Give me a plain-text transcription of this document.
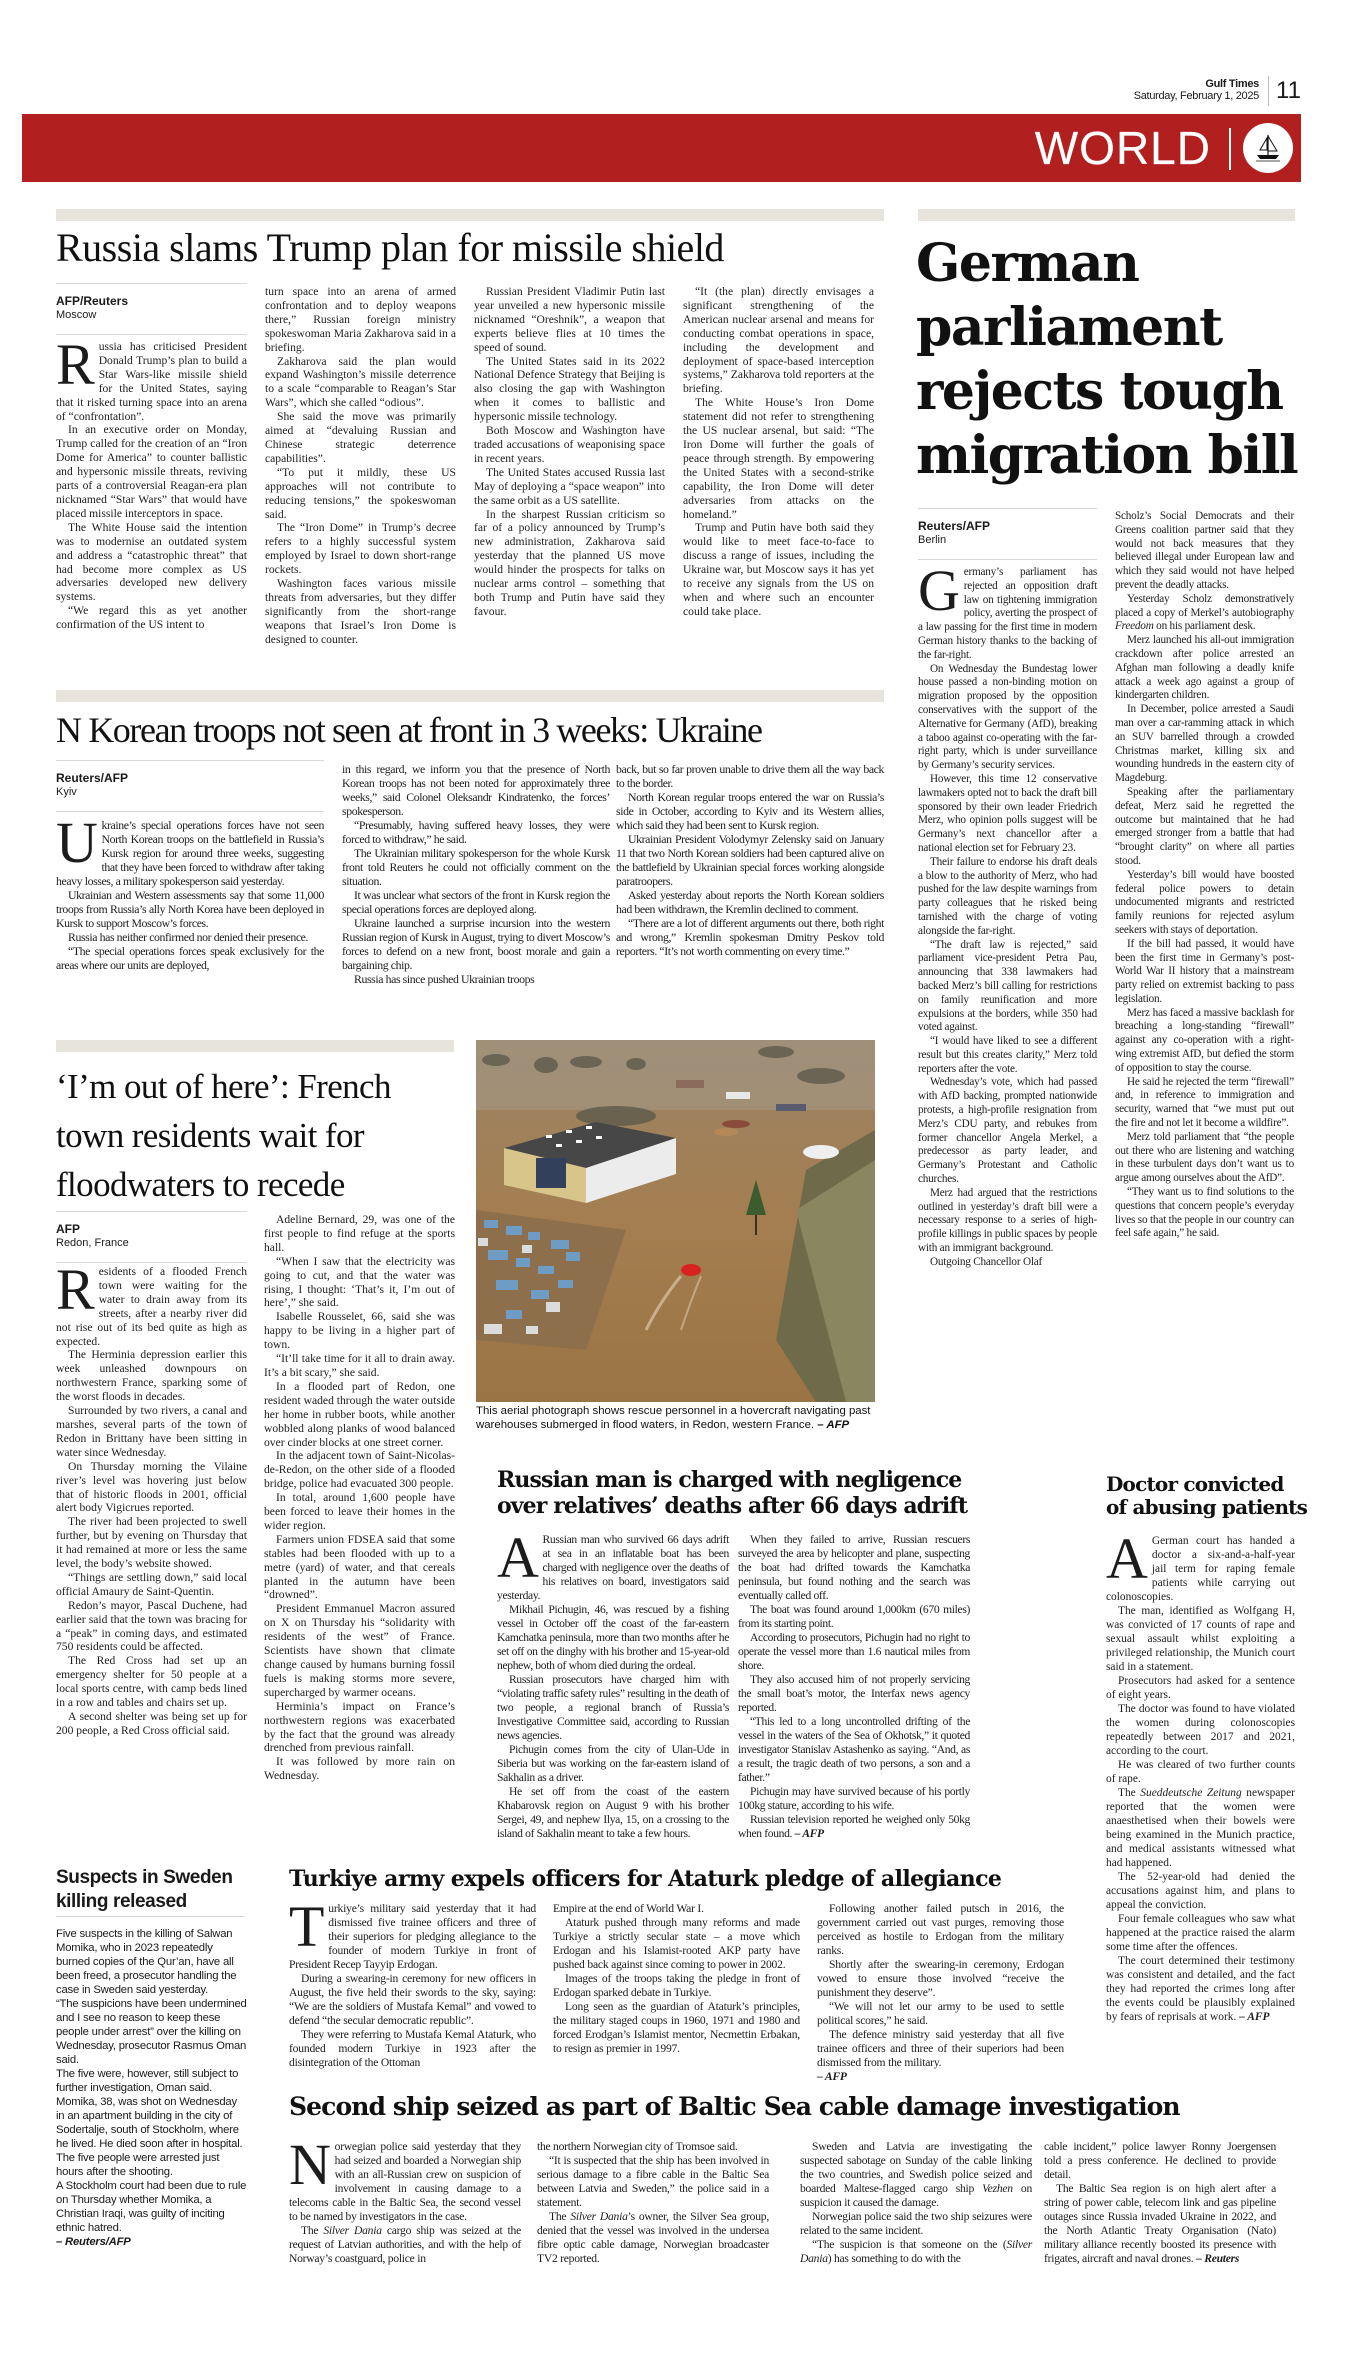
Gulf Times
Saturday, February 1, 2025 11
WORLD
Russia slams Trump plan for missile shield
AFP/Reuters
Moscow

Russia has criticised President Donald Trump’s plan to build a Star Wars-like missile shield for the United States, saying that it risked turning space into an arena of “confrontation”.

In an executive order on Monday, Trump called for the creation of an “Iron Dome for America” to counter ballistic and hypersonic missile threats, reviving parts of a controversial Reagan-era plan nicknamed “Star Wars” that would have placed missile interceptors in space.

The White House said the intention was to modernise an outdated system and address a “catastrophic threat” that had become more complex as US adversaries developed new delivery systems.

“We regard this as yet another confirmation of the US intent to

turn space into an arena of armed confrontation and to deploy weapons there,” Russian foreign ministry spokeswoman Maria Zakharova said in a briefing.

Zakharova said the plan would expand Washington’s missile deterrence to a scale “comparable to Reagan’s Star Wars”, which she called “odious”.

She said the move was primarily aimed at “devaluing Russian and Chinese strategic deterrence capabilities”.

“To put it mildly, these US approaches will not contribute to reducing tensions,” the spokeswoman said.

The “Iron Dome” in Trump’s decree refers to a highly successful system employed by Israel to down short-range rockets.

Washington faces various missile threats from adversaries, but they differ significantly from the short-range weapons that Israel’s Iron Dome is designed to counter.

Russian President Vladimir Putin last year unveiled a new hypersonic missile nicknamed “Oreshnik”, a weapon that experts believe flies at 10 times the speed of sound.

The United States said in its 2022 National Defence Strategy that Beijing is also closing the gap with Washington when it comes to ballistic and hypersonic missile technology.

Both Moscow and Washington have traded accusations of weaponising space in recent years.

The United States accused Russia last May of deploying a “space weapon” into the same orbit as a US satellite.

In the sharpest Russian criticism so far of a policy announced by Trump’s new administration, Zakharova said yesterday that the planned US move would hinder the prospects for talks on nuclear arms control – something that both Trump and Putin have said they favour.

“It (the plan) directly envisages a significant strengthening of the American nuclear arsenal and means for conducting combat operations in space, including the development and deployment of space-based interception systems,” Zakharova told reporters at the briefing.

The White House’s Iron Dome statement did not refer to strengthening the US nuclear arsenal, but said: “The Iron Dome will further the goals of peace through strength. By empowering the United States with a second-strike capability, the Iron Dome will deter adversaries from attacks on the homeland.”

Trump and Putin have both said they would like to meet face-to-face to discuss a range of issues, including the Ukraine war, but Moscow says it has yet to receive any signals from the US on when and where such an encounter could take place.

German
parliament
rejects tough
migration bill
Reuters/AFP
Berlin

Germany’s parliament has rejected an opposition draft law on tightening immigration policy, averting the prospect of a law passing for the first time in modern German history thanks to the backing of the far-right.

On Wednesday the Bundestag lower house passed a non-binding motion on migration proposed by the opposition conservatives with the support of the Alternative for Germany (AfD), breaking a taboo against co-operating with the far-right party, which is under surveillance by Germany’s security services.

However, this time 12 conservative lawmakers opted not to back the draft bill sponsored by their own leader Friedrich Merz, who opinion polls suggest will be Germany’s next chancellor after a national election set for February 23.

Their failure to endorse his draft deals a blow to the authority of Merz, who had pushed for the law despite warnings from party colleagues that he risked being tarnished with the charge of voting alongside the far-right.

“The draft law is rejected,” said parliament vice-president Petra Pau, announcing that 338 lawmakers had backed Merz’s bill calling for restrictions on family reunification and more expulsions at the borders, while 350 had voted against.

“I would have liked to see a different result but this creates clarity,” Merz told reporters after the vote.

Wednesday’s vote, which had passed with AfD backing, prompted nationwide protests, a high-profile resignation from Merz’s CDU party, and rebukes from former chancellor Angela Merkel, a predecessor as party leader, and Germany’s Protestant and Catholic churches.

Merz had argued that the restrictions outlined in yesterday’s draft bill were a necessary response to a series of high-profile killings in public spaces by people with an immigrant background.

Outgoing Chancellor Olaf

Scholz’s Social Democrats and their Greens coalition partner said that they would not back measures that they believed illegal under European law and which they said would not have helped prevent the deadly attacks.

Yesterday Scholz demonstratively placed a copy of Merkel’s autobiography Freedom on his parliament desk.

Merz launched his all-out immigration crackdown after police arrested an Afghan man following a deadly knife attack a week ago against a group of kindergarten children.

In December, police arrested a Saudi man over a car-ramming attack in which an SUV barrelled through a crowded Christmas market, killing six and wounding hundreds in the eastern city of Magdeburg.

Speaking after the parliamentary defeat, Merz said he regretted the outcome but maintained that he had emerged stronger from a battle that had “brought clarity” on where all parties stood.

Yesterday’s bill would have boosted federal police powers to detain undocumented migrants and restricted family reunions for rejected asylum seekers with stays of deportation.

If the bill had passed, it would have been the first time in Germany’s post-World War II history that a mainstream party relied on extremist backing to pass legislation.

Merz has faced a massive backlash for breaching a long-standing “firewall” against any co-operation with a right-wing extremist AfD, but defied the storm of opposition to stay the course.

He said he rejected the term “firewall” and, in reference to immigration and security, warned that “we must put out the fire and not let it become a wildfire”.

Merz told parliament that “the people out there who are listening and watching in these turbulent days don’t want us to argue among ourselves about the AfD”.

“They want us to find solutions to the questions that concern people’s everyday lives so that the people in our country can feel safe again,” he said.

N Korean troops not seen at front in 3 weeks: Ukraine
Reuters/AFP
Kyiv

Ukraine’s special operations forces have not seen North Korean troops on the battlefield in Russia’s Kursk region for around three weeks, suggesting that they have been forced to withdraw after taking heavy losses, a military spokesperson said yesterday.

Ukrainian and Western assessments say that some 11,000 troops from Russia’s ally North Korea have been deployed in Kursk to support Moscow’s forces.

Russia has neither confirmed nor denied their presence.

“The special operations forces speak exclusively for the areas where our units are deployed,

in this regard, we inform you that the presence of North Korean troops has not been noted for approximately three weeks,” said Colonel Oleksandr Kindratenko, the forces’ spokesperson.

“Presumably, having suffered heavy losses, they were forced to withdraw,” he said.

The Ukrainian military spokesperson for the whole Kursk front told Reuters he could not officially comment on the situation.

It was unclear what sectors of the front in Kursk region the special operations forces are deployed along.

Ukraine launched a surprise incursion into the western Russian region of Kursk in August, trying to divert Moscow’s forces to defend on a new front, boost morale and gain a bargaining chip.

Russia has since pushed Ukrainian troops

back, but so far proven unable to drive them all the way back to the border.

North Korean regular troops entered the war on Russia’s side in October, according to Kyiv and its Western allies, which said they had been sent to Kursk region.

Ukrainian President Volodymyr Zelensky said on January 11 that two North Korean soldiers had been captured alive on the battlefield by Ukrainian special forces working alongside paratroopers.

Asked yesterday about reports the North Korean soldiers had been withdrawn, the Kremlin declined to comment.

“There are a lot of different arguments out there, both right and wrong,” Kremlin spokesman Dmitry Peskov told reporters. “It’s not worth commenting on every time.”

‘I’m out of here’: French
town residents wait for
floodwaters to recede
AFP
Redon, France

Residents of a flooded French town were waiting for the water to drain away from its streets, after a nearby river did not rise out of its bed quite as high as expected.

The Herminia depression earlier this week unleashed downpours on northwestern France, sparking some of the worst floods in decades.

Surrounded by two rivers, a canal and marshes, several parts of the town of Redon in Brittany have been sitting in water since Wednesday.

On Thursday morning the Vilaine river’s level was hovering just below that of historic floods in 2001, official alert body Vigicrues reported.

The river had been projected to swell further, but by evening on Thursday that it had remained at more or less the same level, the body’s website showed.

“Things are settling down,” said local official Amaury de Saint-Quentin.

Redon’s mayor, Pascal Duchene, had earlier said that the town was bracing for a “peak” in coming days, and estimated 750 residents could be affected.

The Red Cross had set up an emergency shelter for 50 people at a local sports centre, with camp beds lined in a row and tables and chairs set up.

A second shelter was being set up for 200 people, a Red Cross official said.

Adeline Bernard, 29, was one of the first people to find refuge at the sports hall.

“When I saw that the electricity was going to cut, and that the water was rising, I thought: ‘That’s it, I’m out of here’,” she said.

Isabelle Rousselet, 66, said she was happy to be living in a higher part of town.

“It’ll take time for it all to drain away. It’s a bit scary,” she said.

In a flooded part of Redon, one resident waded through the water outside her home in rubber boots, while another wobbled along planks of wood balanced over cinder blocks at one street corner.

In the adjacent town of Saint-Nicolas-de-Redon, on the other side of a flooded bridge, police had evacuated 300 people.

In total, around 1,600 people have been forced to leave their homes in the wider region.

Farmers union FDSEA said that some stables had been flooded with up to a metre (yard) of water, and that cereals planted in the autumn have been “drowned”.

President Emmanuel Macron assured on X on Thursday his “solidarity with residents of the west” of France. Scientists have shown that climate change caused by humans burning fossil fuels is making storms more severe, supercharged by warmer oceans.

Herminia’s impact on France’s northwestern regions was exacerbated by the fact that the ground was already drenched from previous rainfall.

It was followed by more rain on Wednesday.

This aerial photograph shows rescue personnel in a hovercraft navigating past warehouses submerged in flood waters, in Redon, western France. – AFP
Russian man is charged with negligence
over relatives’ deaths after 66 days adrift

A Russian man who survived 66 days adrift at sea in an inflatable boat has been charged with negligence over the deaths of his relatives on board, investigators said yesterday.

Mikhail Pichugin, 46, was rescued by a fishing vessel in October off the coast of the far-eastern Kamchatka peninsula, more than two months after he set off on the dinghy with his brother and 15-year-old nephew, both of whom died during the ordeal.

Russian prosecutors have charged him with “violating traffic safety rules” resulting in the death of two people, a regional branch of Russia’s Investigative Committee said, according to Russian news agencies.

Pichugin comes from the city of Ulan-Ude in Siberia but was working on the far-eastern island of Sakhalin as a driver.

He set off from the coast of the eastern Khabarovsk region on August 9 with his brother Sergei, 49, and nephew Ilya, 15, on a crossing to the island of Sakhalin meant to take a few hours.

When they failed to arrive, Russian rescuers surveyed the area by helicopter and plane, suspecting the boat had drifted towards the Kamchatka peninsula, but found nothing and the search was eventually called off.

The boat was found around 1,000km (670 miles) from its starting point.

According to prosecutors, Pichugin had no right to operate the vessel more than 1.6 nautical miles from shore.

They also accused him of not properly servicing the small boat’s motor, the Interfax news agency reported.

“This led to a long uncontrolled drifting of the vessel in the waters of the Sea of Okhotsk,” it quoted investigator Stanislav Astashenko as saying. “And, as a result, the tragic death of two persons, a son and a father.”

Pichugin may have survived because of his portly 100kg stature, according to his wife.

Russian television reported he weighed only 50kg when found. – AFP

Doctor convicted
of abusing patients

A German court has handed a doctor a six-and-a-half-year jail term for raping female patients while carrying out colonoscopies.

The man, identified as Wolfgang H, was convicted of 17 counts of rape and sexual assault whilst exploiting a privileged relationship, the Munich court said in a statement.

Prosecutors had asked for a sentence of eight years.

The doctor was found to have violated the women during colonoscopies repeatedly between 2017 and 2021, according to the court.

He was cleared of two further counts of rape.

The Sueddeutsche Zeitung newspaper reported that the women were anaesthetised when their bowels were being examined in the Munich practice, and medical assistants witnessed what had happened.

The 52-year-old had denied the accusations against him, and plans to appeal the conviction.

Four female colleagues who saw what happened at the practice raised the alarm some time after the offences.

The court determined their testimony was consistent and detailed, and the fact they had reported the crimes long after the events could be plausibly explained by fears of reprisals at work. – AFP

Suspects in Sweden
killing released
Five suspects in the killing of Salwan Momika, who in 2023 repeatedly burned copies of the Qur’an, have all been freed, a prosecutor handling the case in Sweden said yesterday.
“The suspicions have been undermined and I see no reason to keep these people under arrest” over the killing on Wednesday, prosecutor Rasmus Oman said.
The five were, however, still subject to further investigation, Oman said.
Momika, 38, was shot on Wednesday in an apartment building in the city of Sodertalje, south of Stockholm, where he lived. He died soon after in hospital.
The five people were arrested just hours after the shooting.
A Stockholm court had been due to rule on Thursday whether Momika, a Christian Iraqi, was guilty of inciting ethnic hatred.
– Reuters/AFP
Turkiye army expels officers for Ataturk pledge of allegiance

Turkiye’s military said yesterday that it had dismissed five trainee officers and three of their superiors for pledging allegiance to the founder of modern Turkiye in front of President Recep Tayyip Erdogan.

During a swearing-in ceremony for new officers in August, the five held their swords to the sky, saying: “We are the soldiers of Mustafa Kemal” and vowed to defend “the secular democratic republic”.

They were referring to Mustafa Kemal Ataturk, who founded modern Turkiye in 1923 after the disintegration of the Ottoman

Empire at the end of World War I.

Ataturk pushed through many reforms and made Turkiye a strictly secular state – a move which Erdogan and his Islamist-rooted AKP party have pushed back against since coming to power in 2002.

Images of the troops taking the pledge in front of Erdogan sparked debate in Turkiye.

Long seen as the guardian of Ataturk’s principles, the military staged coups in 1960, 1971 and 1980 and forced Erodgan’s Islamist mentor, Necmettin Erbakan, to resign as premier in 1997.

Following another failed putsch in 2016, the government carried out vast purges, removing those perceived as hostile to Erdogan from the military ranks.

Shortly after the swearing-in ceremony, Erdogan vowed to ensure those involved “receive the punishment they deserve”.

“We will not let our army to be used to settle political scores,” he said.

The defence ministry said yesterday that all five trainee officers and three of their superiors had been dismissed from the military.

– AFP

Second ship seized as part of Baltic Sea cable damage investigation

Norwegian police said yesterday that they had seized and boarded a Norwegian ship with an all-Russian crew on suspicion of involvement in causing damage to a telecoms cable in the Baltic Sea, the second vessel to be named by investigators in the case.

The Silver Dania cargo ship was seized at the request of Latvian authorities, and with the help of Norway’s coastguard, police in

the northern Norwegian city of Tromsoe said.

“It is suspected that the ship has been involved in serious damage to a fibre cable in the Baltic Sea between Latvia and Sweden,” the police said in a statement.

The Silver Dania’s owner, the Silver Sea group, denied that the vessel was involved in the undersea fibre optic cable damage, Norwegian broadcaster TV2 reported.

Sweden and Latvia are investigating the suspected sabotage on Sunday of the cable linking the two countries, and Swedish police seized and boarded Maltese-flagged cargo ship Vezhen on suspicion it caused the damage.

Norwegian police said the two ship seizures were related to the same incident.

“The suspicion is that someone on the (Silver Dania) has something to do with the

cable incident,” police lawyer Ronny Joergensen told a press conference. He declined to provide detail.

The Baltic Sea region is on high alert after a string of power cable, telecom link and gas pipeline outages since Russia invaded Ukraine in 2022, and the North Atlantic Treaty Organisation (Nato) military alliance recently boosted its presence with frigates, aircraft and naval drones. – Reuters
